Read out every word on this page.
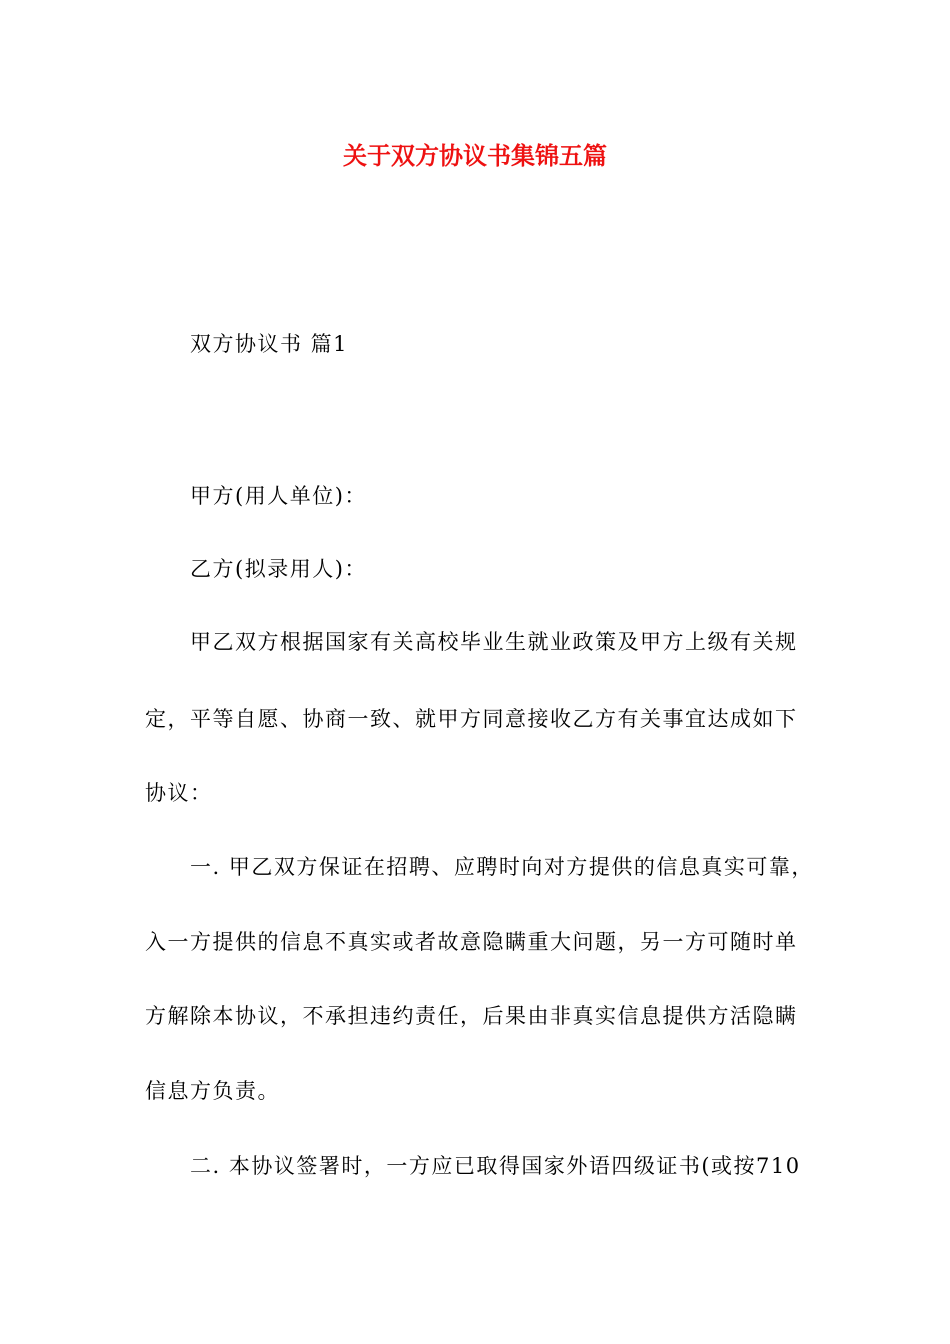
关于双方协议书集锦五篇
双方协议书 篇1
甲方(用人单位)：
乙方(拟录用人)：
甲乙双方根据国家有关高校毕业生就业政策及甲方上级有关规
定，平等自愿、协商一致、就甲方同意接收乙方有关事宜达成如下
协议：
一. 甲乙双方保证在招聘、应聘时向对方提供的信息真实可靠，
入一方提供的信息不真实或者故意隐瞒重大问题，另一方可随时单
方解除本协议，不承担违约责任，后果由非真实信息提供方活隐瞒
信息方负责。
二. 本协议签署时，一方应已取得国家外语四级证书(或按710
